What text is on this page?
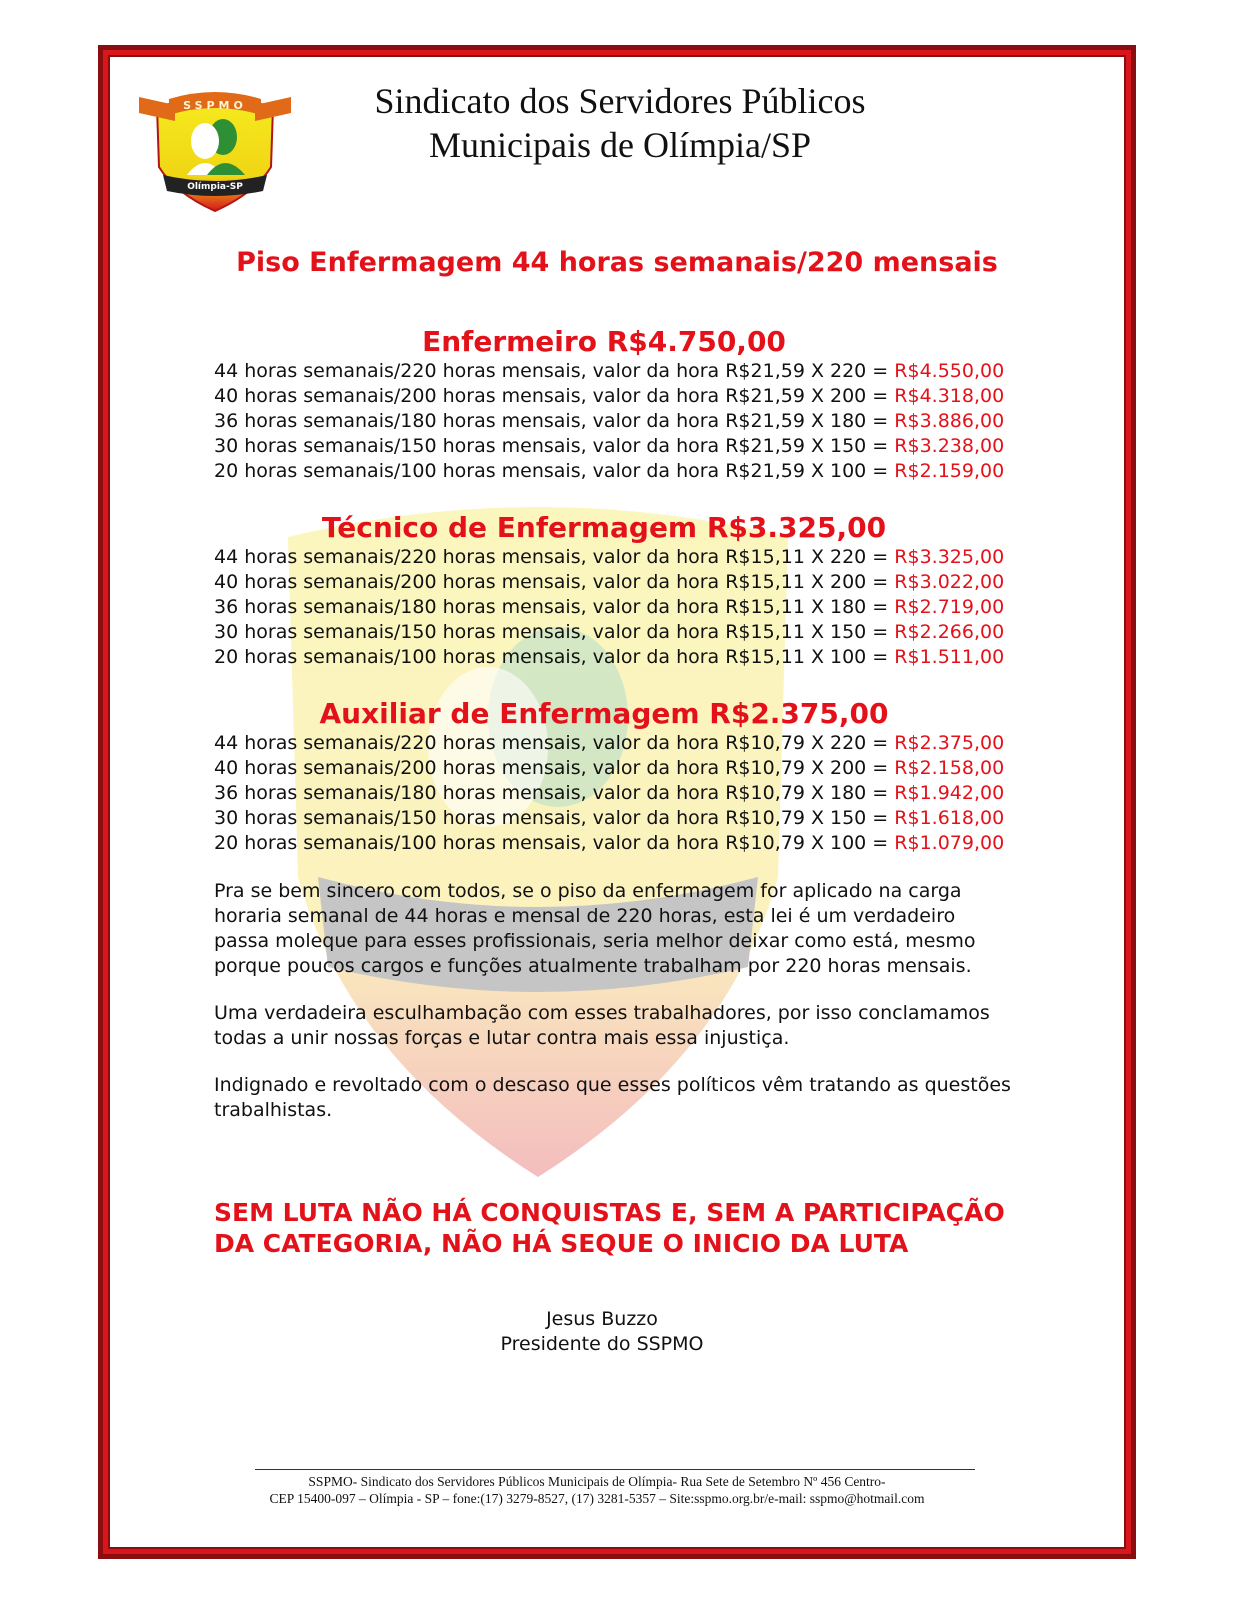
SSPMO
Olímpia-SP
Sindicato dos Servidores Públicos
Municipais de Olímpia/SP
Piso Enfermagem 44 horas semanais/220 mensais
Enfermeiro R$4.750,00
44 horas semanais/220 horas mensais, valor da hora R$21,59 X 220 = R$4.550,00
40 horas semanais/200 horas mensais, valor da hora R$21,59 X 200 = R$4.318,00
36 horas semanais/180 horas mensais, valor da hora R$21,59 X 180 = R$3.886,00
30 horas semanais/150 horas mensais, valor da hora R$21,59 X 150 = R$3.238,00
20 horas semanais/100 horas mensais, valor da hora R$21,59 X 100 = R$2.159,00
Técnico de Enfermagem R$3.325,00
44 horas semanais/220 horas mensais, valor da hora R$15,11 X 220 = R$3.325,00
40 horas semanais/200 horas mensais, valor da hora R$15,11 X 200 = R$3.022,00
36 horas semanais/180 horas mensais, valor da hora R$15,11 X 180 = R$2.719,00
30 horas semanais/150 horas mensais, valor da hora R$15,11 X 150 = R$2.266,00
20 horas semanais/100 horas mensais, valor da hora R$15,11 X 100 = R$1.511,00
Auxiliar de Enfermagem R$2.375,00
44 horas semanais/220 horas mensais, valor da hora R$10,79 X 220 = R$2.375,00
40 horas semanais/200 horas mensais, valor da hora R$10,79 X 200 = R$2.158,00
36 horas semanais/180 horas mensais, valor da hora R$10,79 X 180 = R$1.942,00
30 horas semanais/150 horas mensais, valor da hora R$10,79 X 150 = R$1.618,00
20 horas semanais/100 horas mensais, valor da hora R$10,79 X 100 = R$1.079,00
Pra se bem sincero com todos, se o piso da enfermagem for aplicado na carga horaria semanal de 44 horas e mensal de 220 horas, esta lei é um verdadeiro passa moleque para esses profissionais, seria melhor deixar como está, mesmo porque poucos cargos e funções atualmente trabalham por 220 horas mensais.
Uma verdadeira esculhambação com esses trabalhadores, por isso conclamamos todas a unir nossas forças e lutar contra mais essa injustiça.
Indignado e revoltado com o descaso que esses políticos vêm tratando as questões trabalhistas.
SEM LUTA NÃO HÁ CONQUISTAS E, SEM A PARTICIPAÇÃO DA CATEGORIA, NÃO HÁ SEQUE O INICIO DA LUTA
Jesus Buzzo
Presidente do SSPMO
SSPMO- Sindicato dos Servidores Públicos Municipais de Olímpia- Rua Sete de Setembro Nº 456 Centro-
CEP 15400-097 – Olímpia - SP – fone:(17) 3279-8527, (17) 3281-5357 – Site:sspmo.org.br/e-mail: sspmo@hotmail.com
